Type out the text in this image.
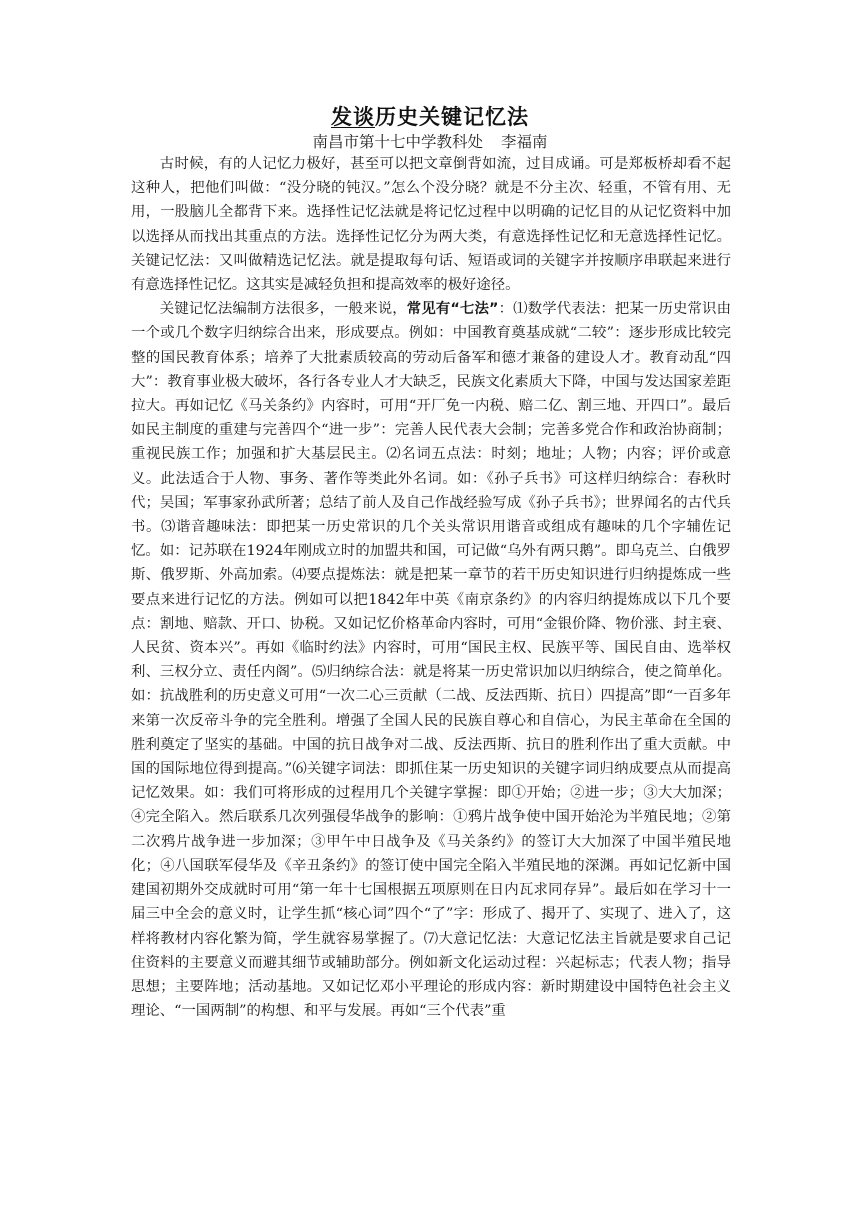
发谈历史关键记忆法
南昌市第十七中学教科处 李福南

古时候，有的人记忆力极好，甚至可以把文章倒背如流，过目成诵。可是郑板桥却看不起这种人，把他们叫做：“没分晓的钝汉。”怎么个没分晓？就是不分主次、轻重，不管有用、无用，一股脑儿全都背下来。选择性记忆法就是将记忆过程中以明确的记忆目的从记忆资料中加以选择从而找出其重点的方法。选择性记忆分为两大类，有意选择性记忆和无意选择性记忆。关键记忆法：又叫做精选记忆法。就是提取每句话、短语或词的关键字并按顺序串联起来进行有意选择性记忆。这其实是减轻负担和提高效率的极好途径。

关键记忆法编制方法很多，一般来说，常见有“七法”：⑴数学代表法：把某一历史常识由一个或几个数字归纳综合出来，形成要点。例如：中国教育奠基成就“二较”：逐步形成比较完整的国民教育体系；培养了大批素质较高的劳动后备军和德才兼备的建设人才。教育动乱“四大”：教育事业极大破坏，各行各专业人才大缺乏，民族文化素质大下降，中国与发达国家差距拉大。再如记忆《马关条约》内容时，可用“开厂免一内税、赔二亿、割三地、开四口”。最后如民主制度的重建与完善四个“进一步”：完善人民代表大会制；完善多党合作和政治协商制；重视民族工作；加强和扩大基层民主。⑵名词五点法：时刻；地址；人物；内容；评价或意义。此法适合于人物、事务、著作等类此外名词。如：《孙子兵书》可这样归纳综合：春秋时代；吴国；军事家孙武所著；总结了前人及自己作战经验写成《孙子兵书》；世界闻名的古代兵书。⑶谐音趣味法：即把某一历史常识的几个关头常识用谐音或组成有趣味的几个字辅佐记忆。如：记苏联在1924年刚成立时的加盟共和国，可记做“乌外有两只鹅”。即乌克兰、白俄罗斯、俄罗斯、外高加索。⑷要点提炼法：就是把某一章节的若干历史知识进行归纳提炼成一些要点来进行记忆的方法。例如可以把1842年中英《南京条约》的内容归纳提炼成以下几个要点：割地、赔款、开口、协税。又如记忆价格革命内容时，可用“金银价降、物价涨、封主衰、人民贫、资本兴”。再如《临时约法》内容时，可用“国民主权、民族平等、国民自由、选举权利、三权分立、责任内阁”。⑸归纳综合法：就是将某一历史常识加以归纳综合，使之简单化。如：抗战胜利的历史意义可用“一次二心三贡献（二战、反法西斯、抗日）四提高”即“一百多年来第一次反帝斗争的完全胜利。增强了全国人民的民族自尊心和自信心，为民主革命在全国的胜利奠定了坚实的基础。中国的抗日战争对二战、反法西斯、抗日的胜利作出了重大贡献。中国的国际地位得到提高。”⑹关键字词法：即抓住某一历史知识的关键字词归纳成要点从而提高记忆效果。如：我们可将形成的过程用几个关键字掌握：即①开始；②进一步；③大大加深；④完全陷入。然后联系几次列强侵华战争的影响：①鸦片战争使中国开始沦为半殖民地；②第二次鸦片战争进一步加深；③甲午中日战争及《马关条约》的签订大大加深了中国半殖民地化；④八国联军侵华及《辛丑条约》的签订使中国完全陷入半殖民地的深渊。再如记忆新中国建国初期外交成就时可用“第一年十七国根据五项原则在日内瓦求同存异”。最后如在学习十一届三中全会的意义时，让学生抓“核心词”四个“了”字：形成了、揭开了、实现了、进入了，这样将教材内容化繁为简，学生就容易掌握了。⑺大意记忆法：大意记忆法主旨就是要求自己记住资料的主要意义而避其细节或辅助部分。例如新文化运动过程：兴起标志；代表人物；指导思想；主要阵地；活动基地。又如记忆邓小平理论的形成内容：新时期建设中国特色社会主义理论、“一国两制”的构想、和平与发展。再如“三个代表”重
